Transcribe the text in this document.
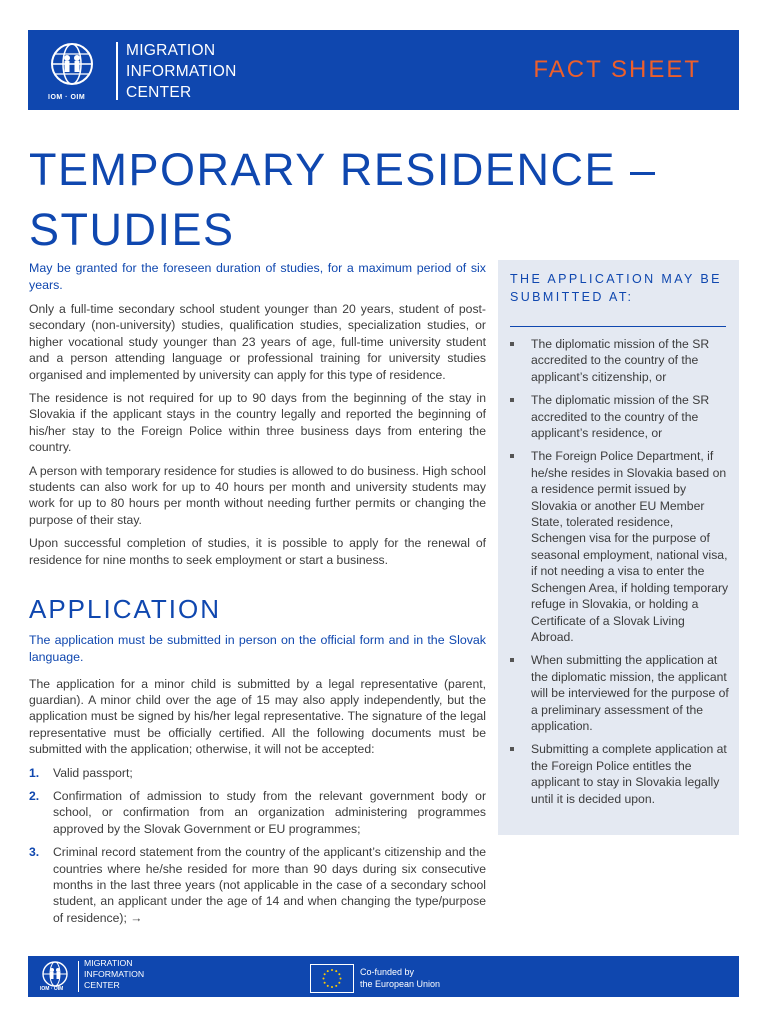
IOM · OIM
MIGRATION
INFORMATION
CENTER
FACT SHEET
TEMPORARY RESIDENCE –
STUDIES

May be granted for the foreseen duration of studies, for a maximum period of six years.

Only a full-time secondary school student younger than 20 years, student of post-secondary (non-university) studies, qualification studies, specialization studies, or higher vocational study younger than 23 years of age, full-time university student and a person attending language or professional training for university studies organised and implemented by university can apply for this type of residence.

The residence is not required for up to 90 days from the beginning of the stay in Slovakia if the applicant stays in the country legally and reported the beginning of his/her stay to the Foreign Police within three business days from entering the country.

A person with temporary residence for studies is allowed to do business. High school students can also work for up to 40 hours per month and university students may work for up to 80 hours per month without needing further permits or changing the purpose of their stay.

Upon successful completion of studies, it is possible to apply for the renewal of residence for nine months to seek employment or start a business.

APPLICATION

The application must be submitted in person on the official form and in the Slovak language.

The application for a minor child is submitted by a legal representative (parent, guardian). A minor child over the age of 15 may also apply independently, but the application must be signed by his/her legal representative. The signature of the legal representative must be officially certified. All the following documents must be submitted with the application; otherwise, it will not be accepted:

1. Valid passport;
2. Confirmation of admission to study from the relevant government body or school, or confirmation from an organization administering programmes approved by the Slovak Government or EU programmes;
3. Criminal record statement from the country of the applicant’s citizenship and the countries where he/she resided for more than 90 days during six consecutive months in the last three years (not applicable in the case of a secondary school student, an applicant under the age of 14 and when changing the type/purpose of residence); →
THE APPLICATION MAY BE SUBMITTED AT:
The diplomatic mission of the SR accredited to the country of the applicant’s citizenship, or
The diplomatic mission of the SR accredited to the country of the applicant’s residence, or
The Foreign Police Department, if he/she resides in Slovakia based on a residence permit issued by Slovakia or another EU Member State, tolerated residence, Schengen visa for the purpose of seasonal employment, national visa, if not needing a visa to enter the Schengen Area, if holding temporary refuge in Slovakia, or holding a Certificate of a Slovak Living Abroad.
When submitting the application at the diplomatic mission, the applicant will be interviewed for the purpose of a preliminary assessment of the application.
Submitting a complete application at the Foreign Police entitles the applicant to stay in Slovakia legally until it is decided upon.
IOM · OIM
MIGRATION
INFORMATION
CENTER
Co-funded by
the European Union
